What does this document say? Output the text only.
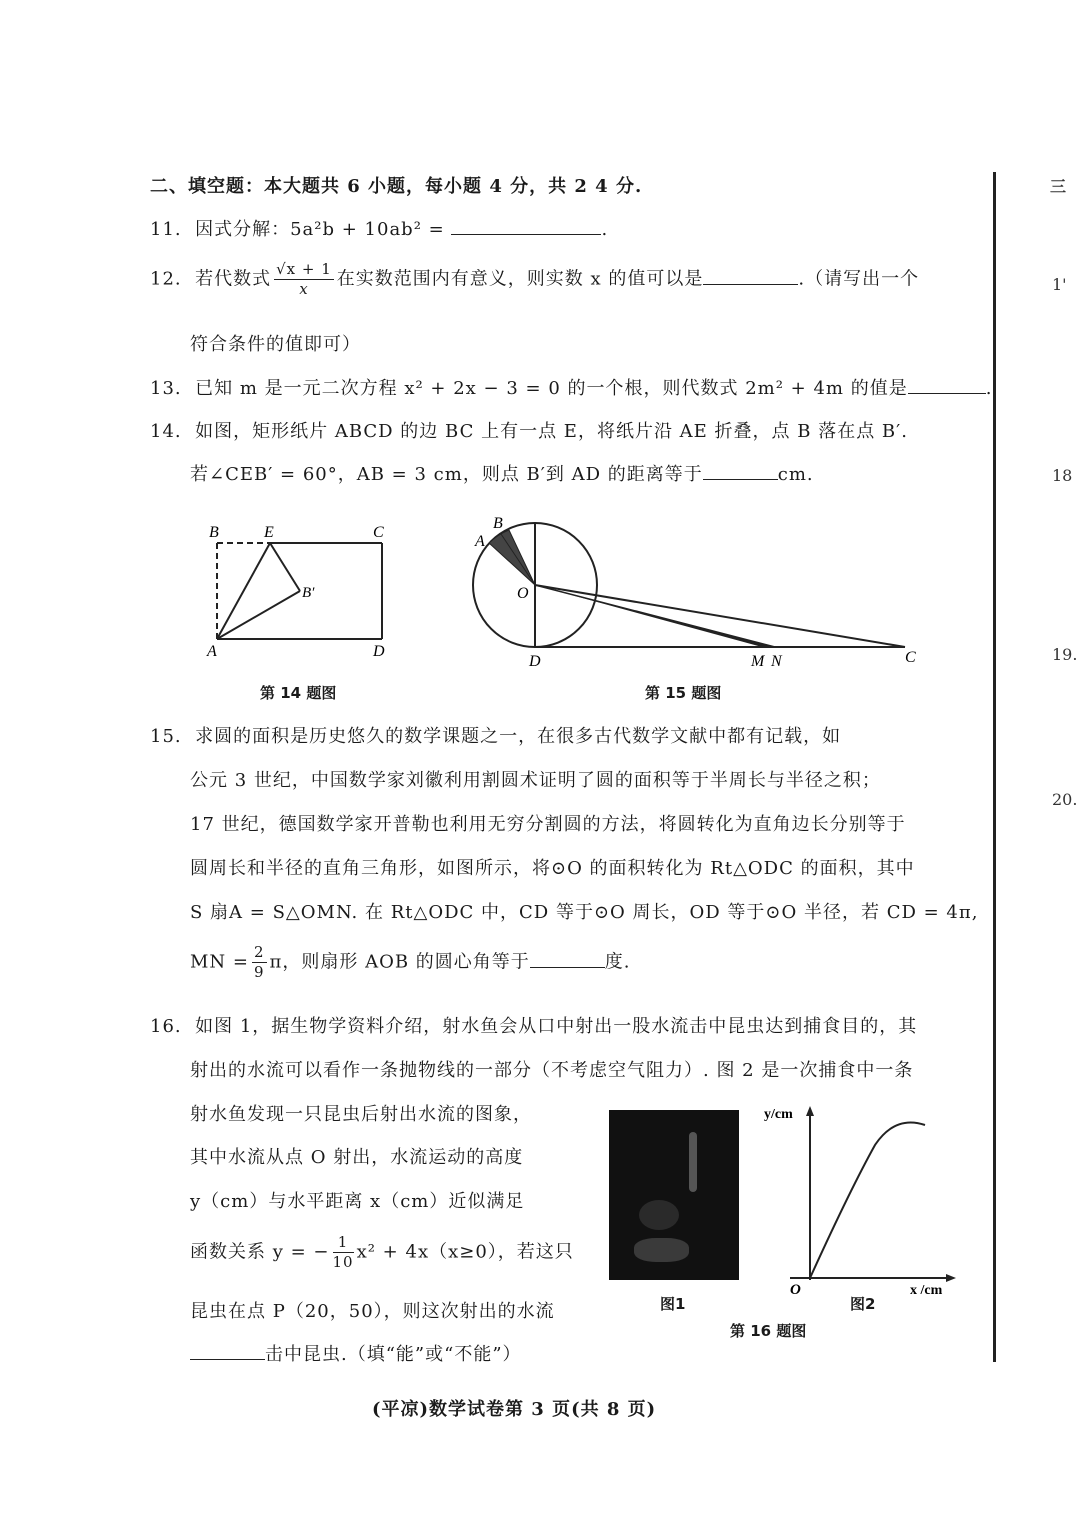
三
1'
18
19.
20.
二、填空题：本大题共 6 小题，每小题 4 分，共 2 4 分.
11. 因式分解：5a²b + 10ab² =	.
12. 若代数式 $\frac{√x + 1}{x}$ 在实数范围内有意义，则实数 x 的值可以是	.（请写出一个
符合条件的值即可）
13. 已知 m 是一元二次方程 x² + 2x − 3 = 0 的一个根，则代数式 2m² + 4m 的值是	.
14. 如图，矩形纸片 ABCD 的边 BC 上有一点 E，将纸片沿 AE 折叠，点 B 落在点 B′.
若∠CEB′ = 60°，AB = 3 cm，则点 B′到 AD 的距离等于	cm.
B	E	C
B′
A	D
第 14 题图
B
A
O
D	M N	C
第 15 题图
15. 求圆的面积是历史悠久的数学课题之一，在很多古代数学文献中都有记载，如
公元 3 世纪，中国数学家刘徽利用割圆术证明了圆的面积等于半周长与半径之积；
17 世纪，德国数学家开普勒也利用无穷分割圆的方法，将圆转化为直角边长分别等于
圆周长和半径的直角三角形，如图所示，将⊙O 的面积转化为 Rt△ODC 的面积，其中
S 扇A = S△OMN. 在 Rt△ODC 中，CD 等于⊙O 周长，OD 等于⊙O 半径，若 CD = 4π,
MN = $\frac{2}{9}$ π，则扇形 AOB 的圆心角等于	度.
16. 如图 1，据生物学资料介绍，射水鱼会从口中射出一股水流击中昆虫达到捕食目的，其
射出的水流可以看作一条抛物线的一部分（不考虑空气阻力）. 图 2 是一次捕食中一条
射水鱼发现一只昆虫后射出水流的图象，
其中水流从点 O 射出，水流运动的高度
y（cm）与水平距离 x（cm）近似满足
函数关系 y = − $\frac{1}{10} x^2 + 4x(x\ge 0)$，若这只
昆虫在点 P（20，50），则这次射出的水流
击中昆虫.（填“能”或“不能”）
图1
y/cm
O	x /cm
图2
第 16 题图
(平凉)数学试卷第 3 页(共 8 页)
